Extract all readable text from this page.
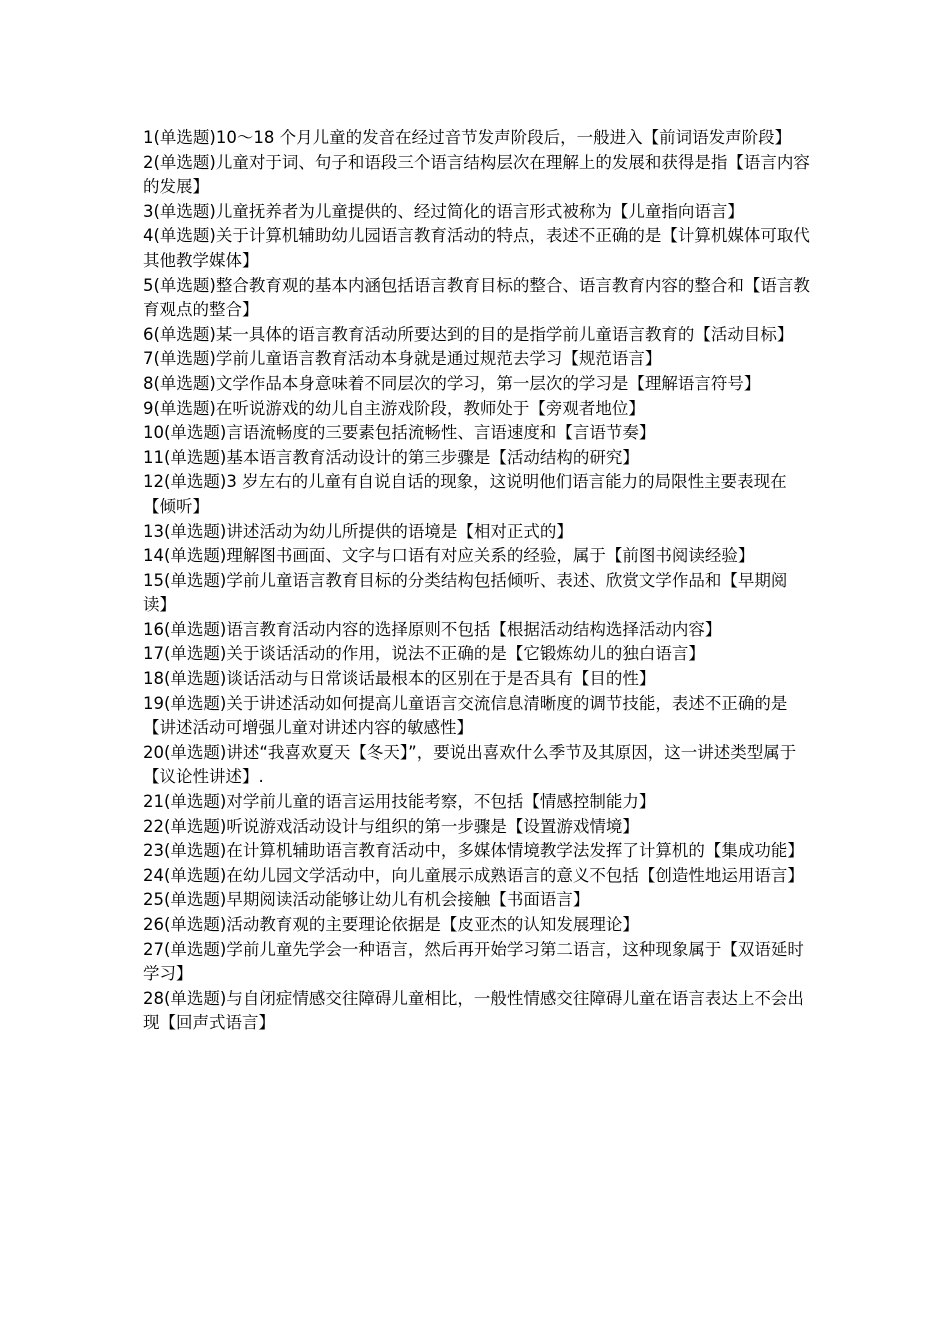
1(单选题)10～18 个月儿童的发音在经过音节发声阶段后，一般进入【前词语发声阶段】

2(单选题)儿童对于词、句子和语段三个语言结构层次在理解上的发展和获得是指【语言内容的发展】

3(单选题)儿童抚养者为儿童提供的、经过简化的语言形式被称为【儿童指向语言】

4(单选题)关于计算机辅助幼儿园语言教育活动的特点，表述不正确的是【计算机媒体可取代其他教学媒体】

5(单选题)整合教育观的基本内涵包括语言教育目标的整合、语言教育内容的整合和【语言教育观点的整合】

6(单选题)某一具体的语言教育活动所要达到的目的是指学前儿童语言教育的【活动目标】

7(单选题)学前儿童语言教育活动本身就是通过规范去学习【规范语言】

8(单选题)文学作品本身意味着不同层次的学习，第一层次的学习是【理解语言符号】

9(单选题)在听说游戏的幼儿自主游戏阶段，教师处于【旁观者地位】

10(单选题)言语流畅度的三要素包括流畅性、言语速度和【言语节奏】

11(单选题)基本语言教育活动设计的第三步骤是【活动结构的研究】

12(单选题)3 岁左右的儿童有自说自话的现象，这说明他们语言能力的局限性主要表现在【倾听】

13(单选题)讲述活动为幼儿所提供的语境是【相对正式的】

14(单选题)理解图书画面、文字与口语有对应关系的经验，属于【前图书阅读经验】

15(单选题)学前儿童语言教育目标的分类结构包括倾听、表述、欣赏文学作品和【早期阅读】

16(单选题)语言教育活动内容的选择原则不包括【根据活动结构选择活动内容】

17(单选题)关于谈话活动的作用，说法不正确的是【它锻炼幼儿的独白语言】

18(单选题)谈话活动与日常谈话最根本的区别在于是否具有【目的性】

19(单选题)关于讲述活动如何提高儿童语言交流信息清晰度的调节技能，表述不正确的是【讲述活动可增强儿童对讲述内容的敏感性】

20(单选题)讲述“我喜欢夏天【冬天】”，要说出喜欢什么季节及其原因，这一讲述类型属于【议论性讲述】.

21(单选题)对学前儿童的语言运用技能考察，不包括【情感控制能力】

22(单选题)听说游戏活动设计与组织的第一步骤是【设置游戏情境】

23(单选题)在计算机辅助语言教育活动中，多媒体情境教学法发挥了计算机的【集成功能】

24(单选题)在幼儿园文学活动中，向儿童展示成熟语言的意义不包括【创造性地运用语言】

25(单选题)早期阅读活动能够让幼儿有机会接触【书面语言】

26(单选题)活动教育观的主要理论依据是【皮亚杰的认知发展理论】

27(单选题)学前儿童先学会一种语言，然后再开始学习第二语言，这种现象属于【双语延时学习】

28(单选题)与自闭症情感交往障碍儿童相比，一般性情感交往障碍儿童在语言表达上不会出现【回声式语言】
